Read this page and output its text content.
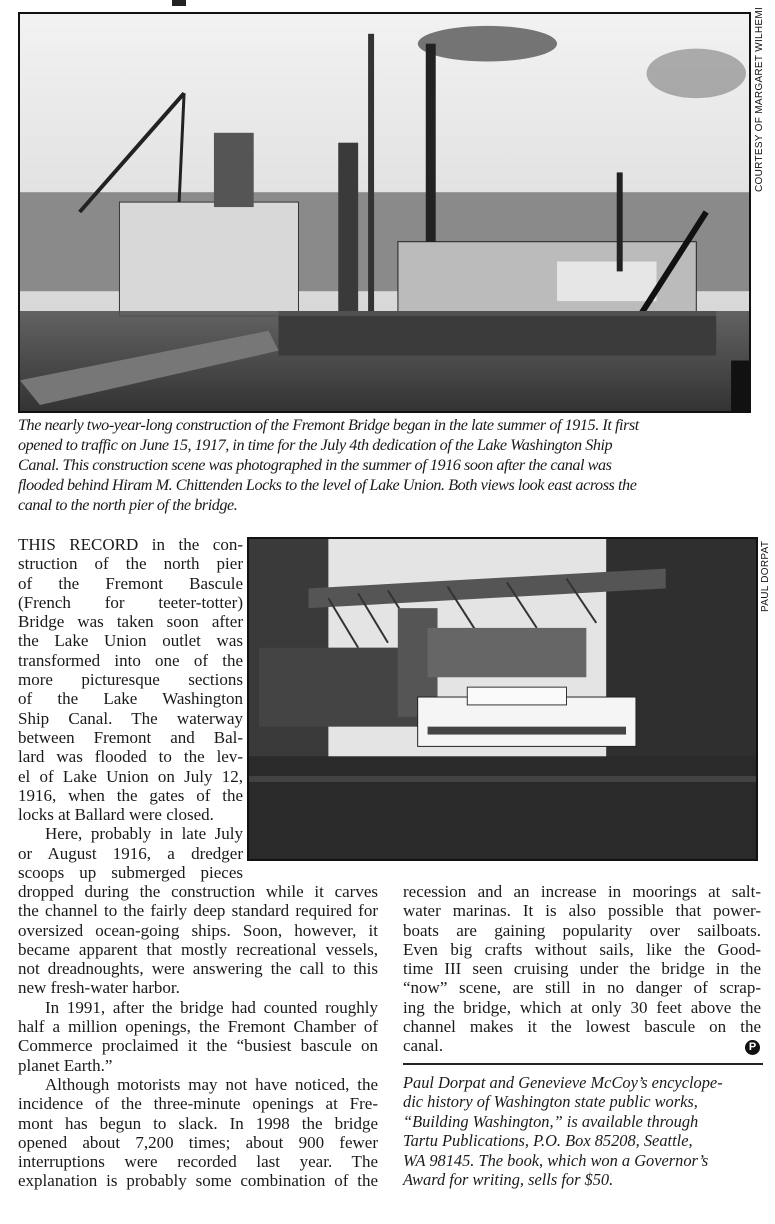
COURTESY OF MARGARET WILHEMI
The nearly two-year-long construction of the Fremont Bridge began in the late summer of 1915. It first
opened to traffic on June 15, 1917, in time for the July 4th dedication of the Lake Washington Ship
Canal. This construction scene was photographed in the summer of 1916 soon after the canal was
flooded behind Hiram M. Chittenden Locks to the level of Lake Union. Both views look east across the
canal to the north pier of the bridge.
PAUL DORPAT
THIS RECORD in the con-
struction of the north pier
of the Fremont Bascule
(French for teeter-totter)
Bridge was taken soon after
the Lake Union outlet was
transformed into one of the
more picturesque sections
of the Lake Washington
Ship Canal. The waterway
between Fremont and Bal-
lard was flooded to the lev-
el of Lake Union on July 12,
1916, when the gates of the
locks at Ballard were closed.
Here, probably in late July
or August 1916, a dredger
scoops up submerged pieces
dropped during the construction while it carves
the channel to the fairly deep standard required for
oversized ocean-going ships. Soon, however, it
became apparent that mostly recreational vessels,
not dreadnoughts, were answering the call to this
new fresh-water harbor.
In 1991, after the bridge had counted roughly
half a million openings, the Fremont Chamber of
Commerce proclaimed it the “busiest bascule on
planet Earth.”
Although motorists may not have noticed, the
incidence of the three-minute openings at Fre-
mont has begun to slack. In 1998 the bridge
opened about 7,200 times; about 900 fewer
interruptions were recorded last year. The
explanation is probably some combination of the
recession and an increase in moorings at salt-
water marinas. It is also possible that power-
boats are gaining popularity over sailboats.
Even big crafts without sails, like the Good-
time III seen cruising under the bridge in the
“now” scene, are still in no danger of scrap-
ing the bridge, which at only 30 feet above the
channel makes it the lowest bascule on the
canal.	P
Paul Dorpat and Genevieve McCoy’s encyclope-
dic history of Washington state public works,
“Building Washington,” is available through
Tartu Publications, P.O. Box 85208, Seattle,
WA 98145. The book, which won a Governor’s
Award for writing, sells for $50.
